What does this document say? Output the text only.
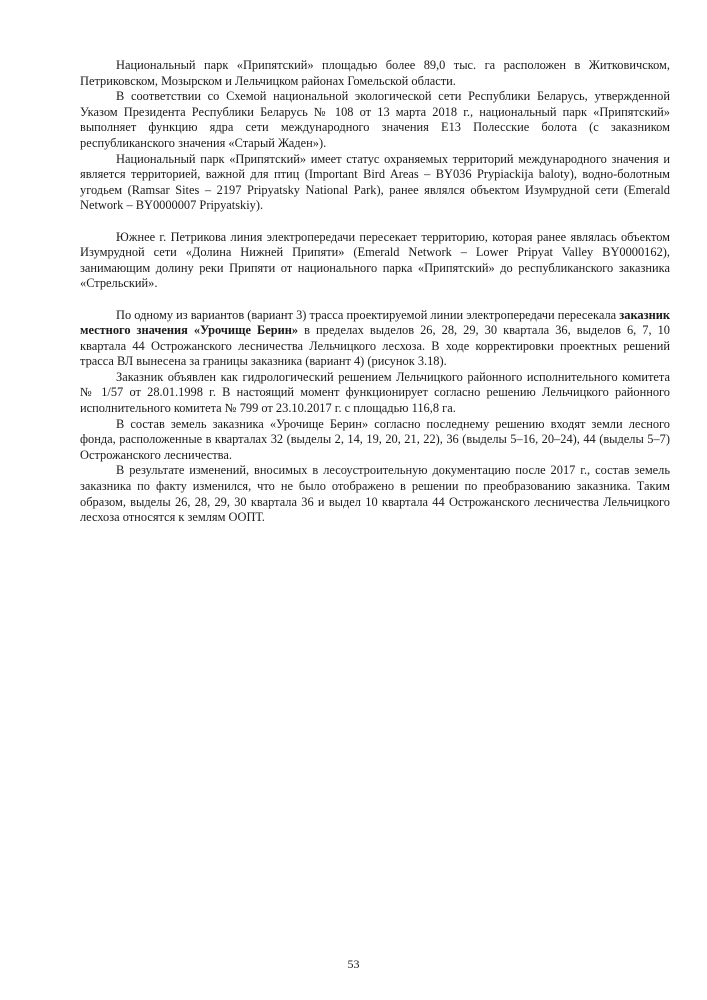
Национальный парк «Припятский» площадью более 89,0 тыс. га расположен в Житковичском, Петриковском, Мозырском и Лельчицком районах Гомельской области.

В соответствии со Схемой национальной экологической сети Республики Беларусь, утвержденной Указом Президента Республики Беларусь № 108 от 13 марта 2018 г., национальный парк «Припятский» выполняет функцию ядра сети международного значения E13 Полесские болота (с заказником республиканского значения «Старый Жаден»).

Национальный парк «Припятский» имеет статус охраняемых территорий международного значения и является территорией, важной для птиц (Important Bird Areas – BY036 Prypiackija baloty), водно-болотным угодьем (Ramsar Sites – 2197 Pripyatsky National Park), ранее являлся объектом Изумрудной сети (Emerald Network – BY0000007 Pripyatskiy).

Южнее г. Петрикова линия электропередачи пересекает территорию, которая ранее являлась объектом Изумрудной сети «Долина Нижней Припяти» (Emerald Network – Lower Pripyat Valley BY0000162), занимающим долину реки Припяти от национального парка «Припятский» до республиканского заказника «Стрельский».

По одному из вариантов (вариант 3) трасса проектируемой линии электропередачи пересекала заказник местного значения «Урочище Берин» в пределах выделов 26, 28, 29, 30 квартала 36, выделов 6, 7, 10 квартала 44 Острожанского лесничества Лельчицкого лесхоза. В ходе корректировки проектных решений трасса ВЛ вынесена за границы заказника (вариант 4) (рисунок 3.18).

Заказник объявлен как гидрологический решением Лельчицкого районного исполнительного комитета № 1/57 от 28.01.1998 г. В настоящий момент функционирует согласно решению Лельчицкого районного исполнительного комитета № 799 от 23.10.2017 г. с площадью 116,8 га.

В состав земель заказника «Урочище Берин» согласно последнему решению входят земли лесного фонда, расположенные в кварталах 32 (выделы 2, 14, 19, 20, 21, 22), 36 (выделы 5–16, 20–24), 44 (выделы 5–7) Острожанского лесничества.

В результате изменений, вносимых в лесоустроительную документацию после 2017 г., состав земель заказника по факту изменился, что не было отображено в решении по преобразованию заказника. Таким образом, выделы 26, 28, 29, 30 квартала 36 и выдел 10 квартала 44 Острожанского лесничества Лельчицкого лесхоза относятся к землям ООПТ.

53
